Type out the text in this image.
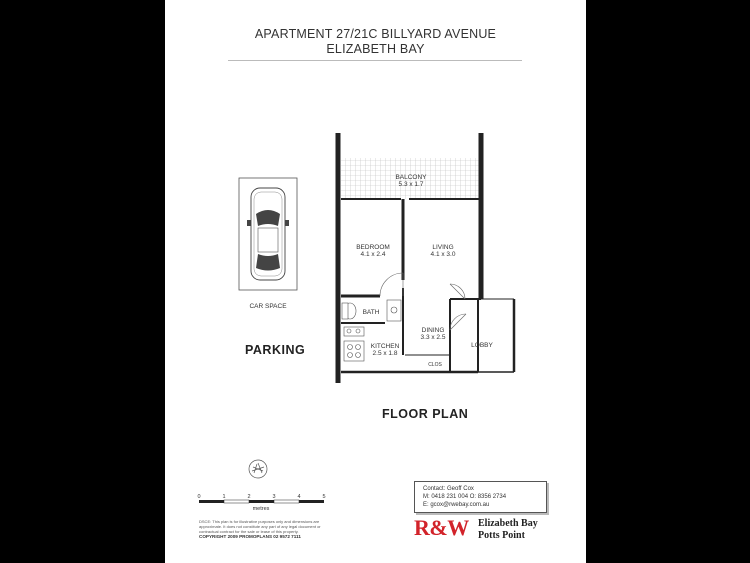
APARTMENT 27/21C BILLYARD AVENUE
ELIZABETH BAY
BALCONY
5.3 x 1.7
BEDROOM
4.1 x 2.4
LIVING
4.1 x 3.0
BATH
DINING
3.3 x 2.5
KITCHEN
2.5 x 1.8
LOBBY
CLOS
CAR SPACE
0	1	2	3	4	5
metres
PARKING
FLOOR PLAN
Contact: Geoff Cox
M: 0418 231 004 O: 8356 2734
E: gcox@rwebay.com.au
DSCE: This plan is for illustrative purposes only and dimensions are approximate. It does not constitute any part of any legal document or contractual contract for the sale or lease of this property.
COPYRIGHT 2009 PROMOPLANS 02 9572 7111	R&W Elizabeth Bay
Potts Point
